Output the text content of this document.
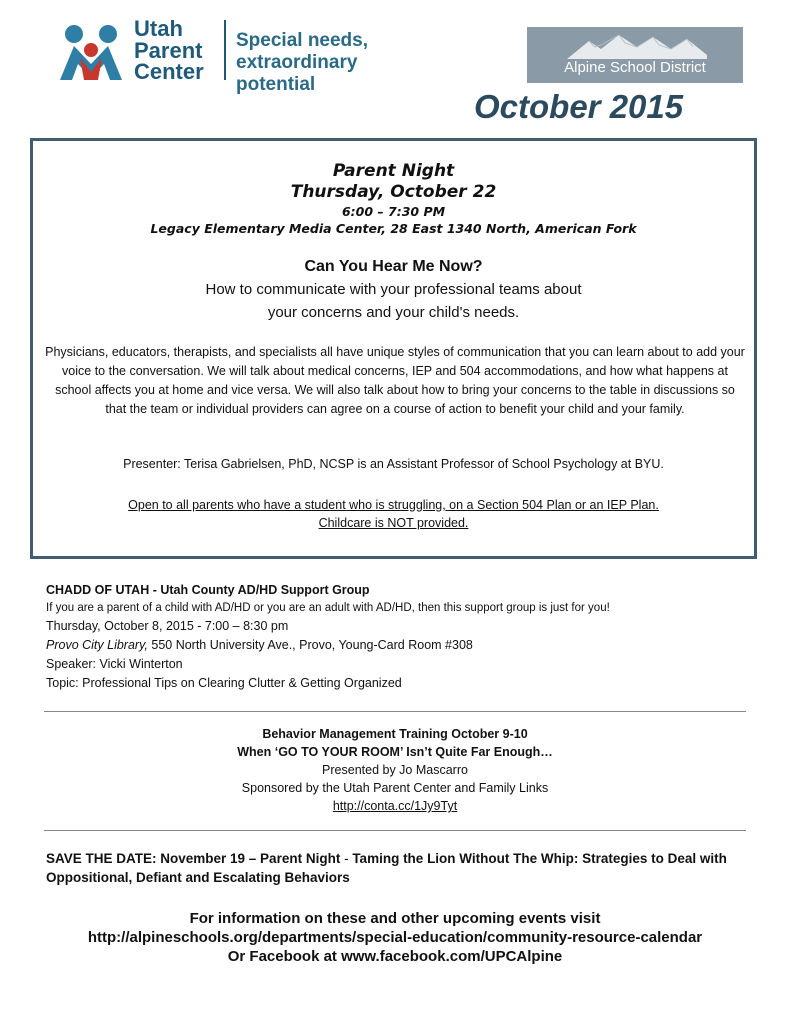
Utah
Parent
Center
Special needs,
extraordinary potential
Alpine School District
October 2015
Parent Night
Thursday, October 22
6:00 – 7:30 PM
Legacy Elementary Media Center, 28 East 1340 North, American Fork
Can You Hear Me Now?
How to communicate with your professional teams about
your concerns and your child's needs.
Physicians, educators, therapists, and specialists all have unique styles of communication that you can learn about to add your voice to the conversation. We will talk about medical concerns, IEP and 504 accommodations, and how what happens at school affects you at home and vice versa. We will also talk about how to bring your concerns to the table in discussions so that the team or individual providers can agree on a course of action to benefit your child and your family.
Presenter: Terisa Gabrielsen, PhD, NCSP is an Assistant Professor of School Psychology at BYU.
Open to all parents who have a student who is struggling, on a Section 504 Plan or an IEP Plan.
Childcare is NOT provided.
CHADD OF UTAH - Utah County AD/HD Support Group
If you are a parent of a child with AD/HD or you are an adult with AD/HD, then this support group is just for you!
Thursday, October 8, 2015 - 7:00 – 8:30 pm
Provo City Library, 550 North University Ave., Provo, Young-Card Room #308
Speaker: Vicki Winterton
Topic: Professional Tips on Clearing Clutter & Getting Organized
Behavior Management Training October 9-10
When ‘GO TO YOUR ROOM’ Isn’t Quite Far Enough…
Presented by Jo Mascarro
Sponsored by the Utah Parent Center and Family Links
http://conta.cc/1Jy9Tyt
SAVE THE DATE: November 19 – Parent Night - Taming the Lion Without The Whip: Strategies to Deal with Oppositional, Defiant and Escalating Behaviors
For information on these and other upcoming events visit
http://alpineschools.org/departments/special-education/community-resource-calendar
Or Facebook at www.facebook.com/UPCAlpine
